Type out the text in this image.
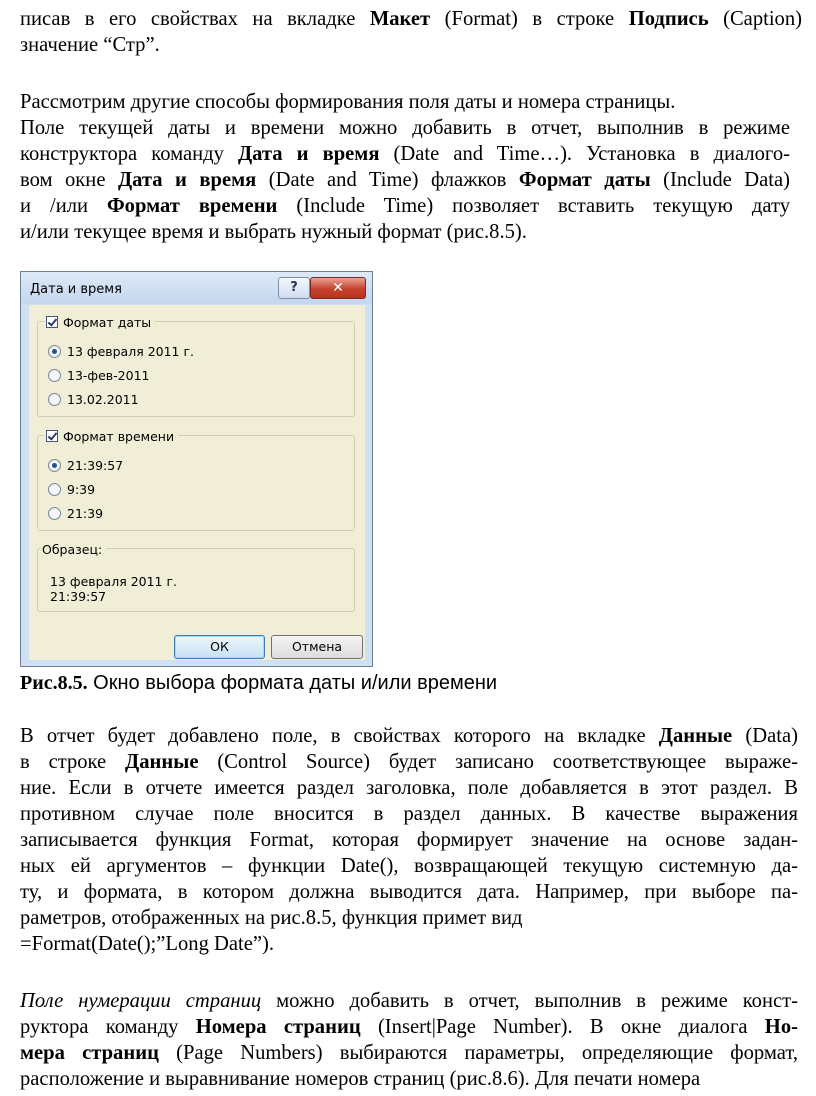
писав в его свойствах на вкладке Макет (Format) в строке Подпись (Caption)
значение “Стр”.
Рассмотрим другие способы формирования поля даты и номера страницы.
Поле текущей даты и времени можно добавить в отчет, выполнив в режиме
конструктора команду Дата и время (Date and Time…). Установка в диалого-
вом окне Дата и время (Date and Time) флажков Формат даты (Include Data)
и /или Формат времени (Include Time) позволяет вставить текущую дату
и/или текущее время и выбрать нужный формат (рис.8.5).
Дата и время	?	✕
Формат даты
13 февраля 2011 г.
13-фев-2011
13.02.2011
Формат времени
21:39:57
9:39
21:39
Образец:
13 февраля 2011 г.
21:39:57
ОК	Отмена
Рис.8.5. Окно выбора формата даты и/или времени
В отчет будет добавлено поле, в свойствах которого на вкладке Данные (Data)
в строке Данные (Control Source) будет записано соответствующее выраже-
ние. Если в отчете имеется раздел заголовка, поле добавляется в этот раздел. В
противном случае поле вносится в раздел данных. В качестве выражения
записывается функция Format, которая формирует значение на основе задан-
ных ей аргументов – функции Date(), возвращающей текущую системную да-
ту, и формата, в котором должна выводится дата. Например, при выборе па-
раметров, отображенных на рис.8.5, функция примет вид
=Format(Date();”Long Date”).
Поле нумерации страниц можно добавить в отчет, выполнив в режиме конст-
руктора команду Номера страниц (Insert|Page Number). В окне диалога Но-
мера страниц (Page Numbers) выбираются параметры, определяющие формат,
расположение и выравнивание номеров страниц (рис.8.6). Для печати номера
